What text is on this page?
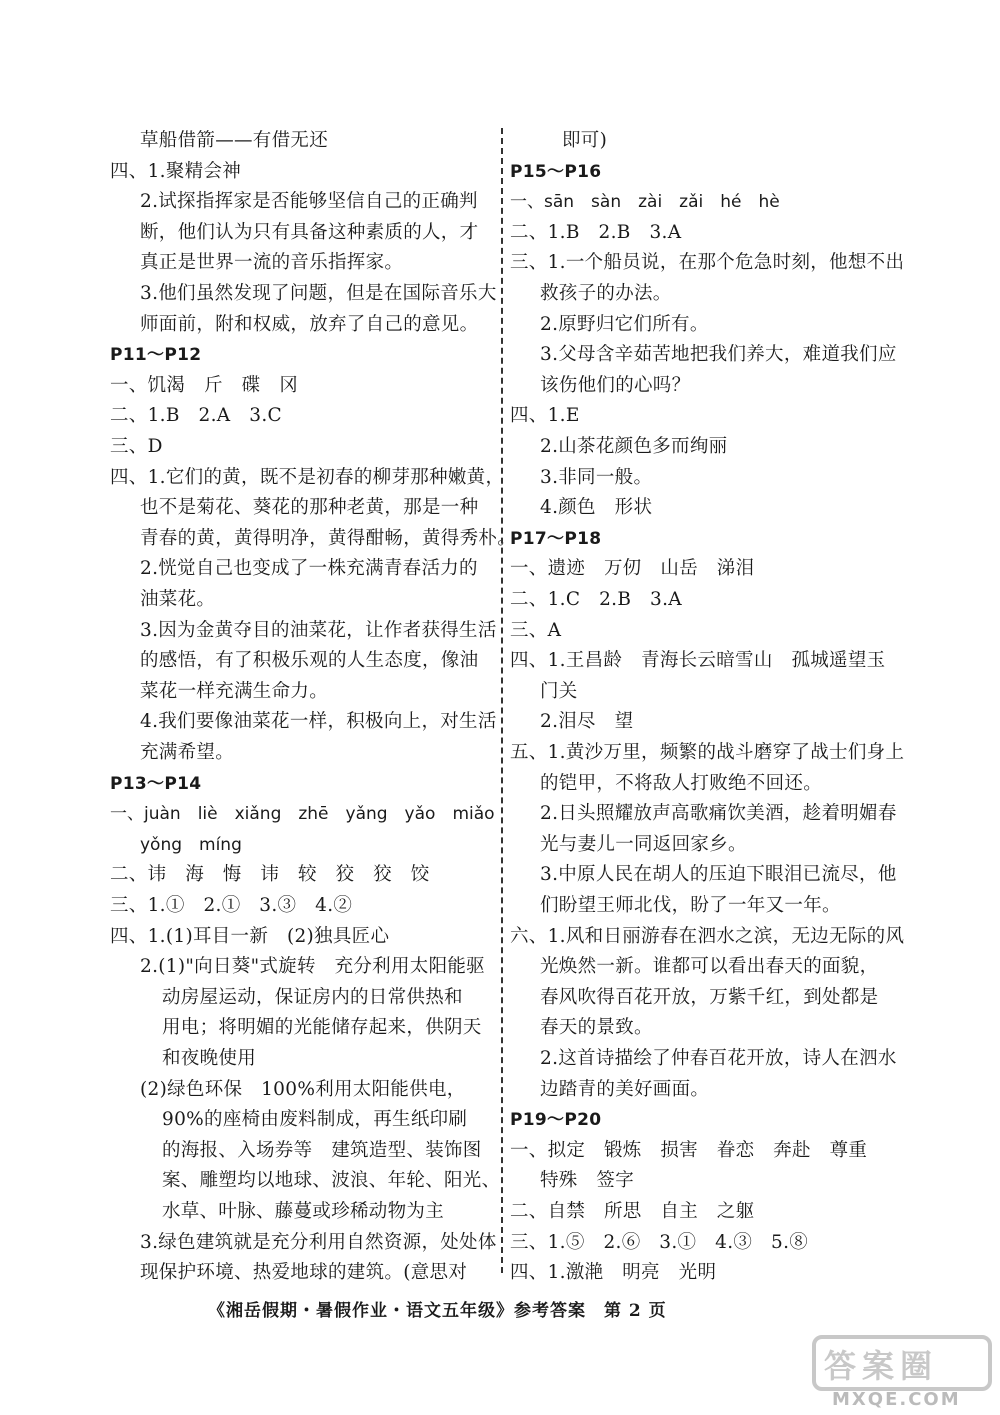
草船借箭——有借无还
四、1.聚精会神
2.试探指挥家是否能够坚信自己的正确判
断，他们认为只有具备这种素质的人，才
真正是世界一流的音乐指挥家。
3.他们虽然发现了问题，但是在国际音乐大
师面前，附和权威，放弃了自己的意见。
P11～P12
一、饥渴　斤　碟　冈
二、1.B　2.A　3.C
三、D
四、1.它们的黄，既不是初春的柳芽那种嫩黄，
也不是菊花、葵花的那种老黄，那是一种
青春的黄，黄得明净，黄得酣畅，黄得秀朴。
2.恍觉自己也变成了一株充满青春活力的
油菜花。
3.因为金黄夺目的油菜花，让作者获得生活
的感悟，有了积极乐观的人生态度，像油
菜花一样充满生命力。
4.我们要像油菜花一样，积极向上，对生活
充满希望。
P13～P14
一、juàn　liè　xiǎng　zhē　yǎng　yǎo　miǎo
yǒng　míng
二、讳　海　悔　讳　较　狡　狡　饺
三、1.①　2.①　3.③　4.②
四、1.(1)耳目一新　(2)独具匠心
2.(1)"向日葵"式旋转　充分利用太阳能驱
动房屋运动，保证房内的日常供热和
用电；将明媚的光能储存起来，供阴天
和夜晚使用
(2)绿色环保　100%利用太阳能供电，
90%的座椅由废料制成，再生纸印刷
的海报、入场券等　建筑造型、装饰图
案、雕塑均以地球、波浪、年轮、阳光、
水草、叶脉、藤蔓或珍稀动物为主
3.绿色建筑就是充分利用自然资源，处处体
现保护环境、热爱地球的建筑。(意思对
即可)
P15～P16
一、sān　sàn　zài　zǎi　hé　hè
二、1.B　2.B　3.A
三、1.一个船员说，在那个危急时刻，他想不出
救孩子的办法。
2.原野归它们所有。
3.父母含辛茹苦地把我们养大，难道我们应
该伤他们的心吗？
四、1.E
2.山茶花颜色多而绚丽
3.非同一般。
4.颜色　形状
P17～P18
一、遗迹　万仞　山岳　涕泪
二、1.C　2.B　3.A
三、A
四、1.王昌龄　青海长云暗雪山　孤城遥望玉
门关
2.泪尽　望
五、1.黄沙万里，频繁的战斗磨穿了战士们身上
的铠甲，不将敌人打败绝不回还。
2.日头照耀放声高歌痛饮美酒，趁着明媚春
光与妻儿一同返回家乡。
3.中原人民在胡人的压迫下眼泪已流尽，他
们盼望王师北伐，盼了一年又一年。
六、1.风和日丽游春在泗水之滨，无边无际的风
光焕然一新。谁都可以看出春天的面貌，
春风吹得百花开放，万紫千红，到处都是
春天的景致。
2.这首诗描绘了仲春百花开放，诗人在泗水
边踏青的美好画面。
P19～P20
一、拟定　锻炼　损害　眷恋　奔赴　尊重
特殊　签字
二、自禁　所思　自主　之躯
三、1.⑤　2.⑥　3.①　4.③　5.⑧
四、1.激滟　明亮　光明
《湘岳假期・暑假作业・语文五年级》参考答案　第 2 页
答案圈
MXQE.COM
